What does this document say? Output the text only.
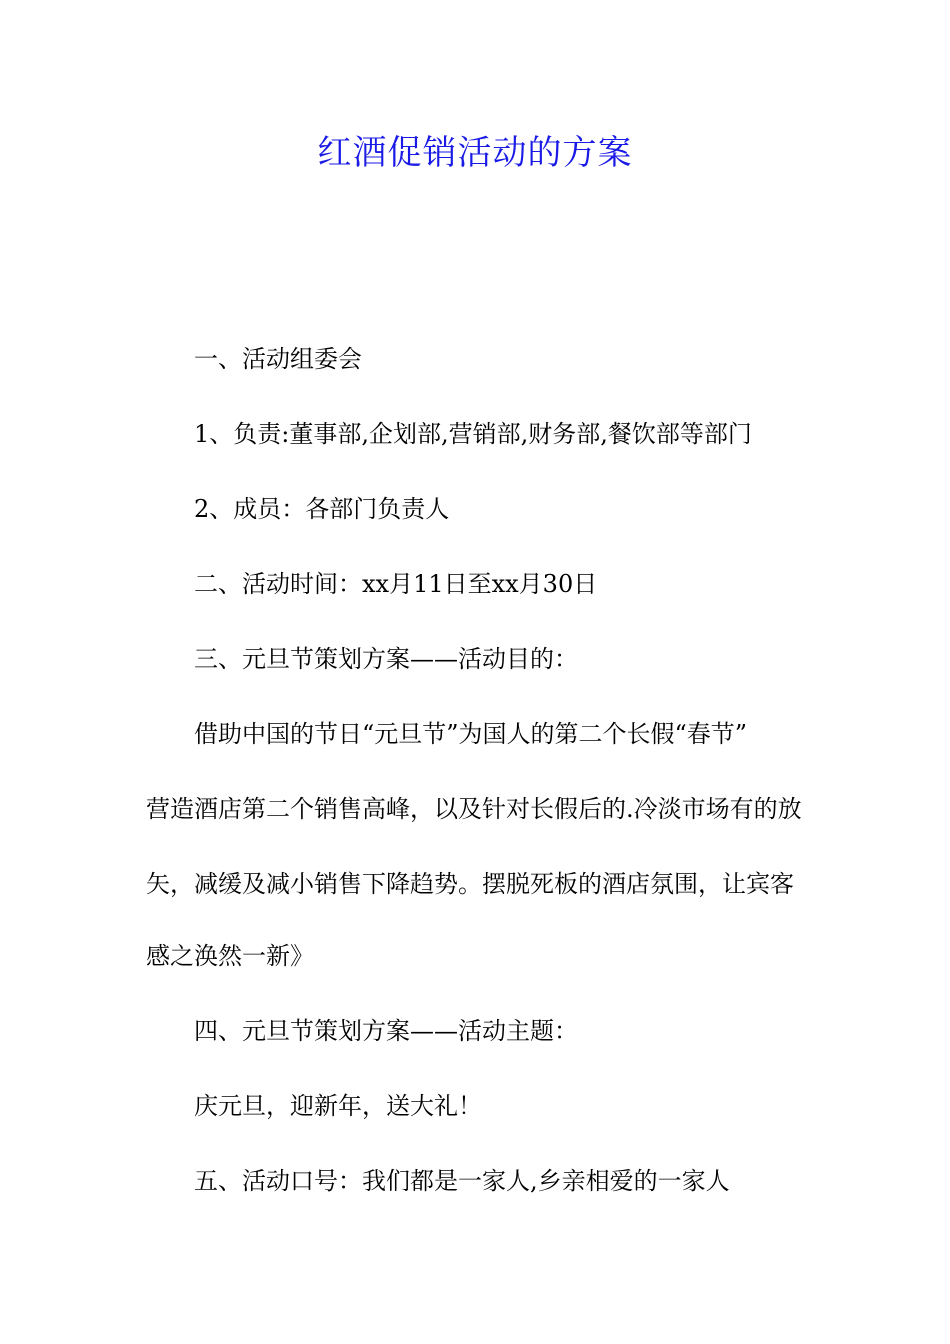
红酒促销活动的方案
一、活动组委会
1、负责:董事部,企划部,营销部,财务部,餐饮部等部门
2、成员：各部门负责人
二、活动时间：xx月11日至xx月30日
三、元旦节策划方案——活动目的：
借助中国的节日“元旦节”为国人的第二个长假“春节”
营造酒店第二个销售高峰，以及针对长假后的.冷淡市场有的放
矢，减缓及减小销售下降趋势。摆脱死板的酒店氛围，让宾客
感之涣然一新》
四、元旦节策划方案——活动主题：
庆元旦，迎新年，送大礼！
五、活动口号：我们都是一家人,乡亲相爱的一家人
